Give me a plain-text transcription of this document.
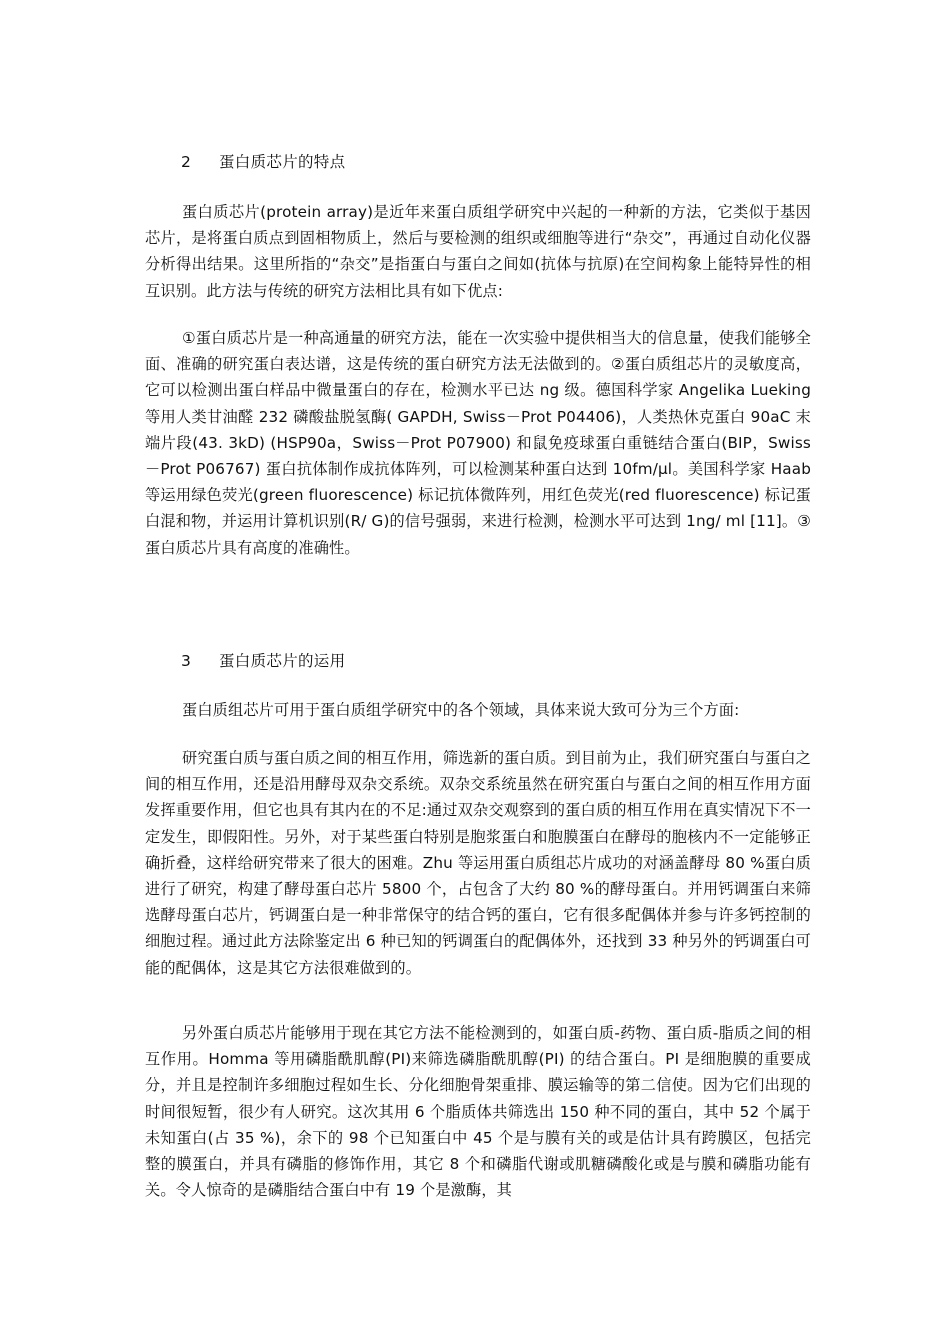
2 蛋白质芯片的特点

蛋白质芯片(protein array)是近年来蛋白质组学研究中兴起的一种新的方法，它类似于基因芯片，是将蛋白质点到固相物质上，然后与要检测的组织或细胞等进行“杂交”，再通过自动化仪器分析得出结果。这里所指的“杂交”是指蛋白与蛋白之间如(抗体与抗原)在空间构象上能特异性的相互识别。此方法与传统的研究方法相比具有如下优点:

①蛋白质芯片是一种高通量的研究方法，能在一次实验中提供相当大的信息量，使我们能够全面、准确的研究蛋白表达谱，这是传统的蛋白研究方法无法做到的。②蛋白质组芯片的灵敏度高，它可以检测出蛋白样品中微量蛋白的存在，检测水平已达 ng 级。德国科学家 Angelika Lueking 等用人类甘油醛 232 磷酸盐脱氢酶( GAPDH, Swiss－Prot P04406)，人类热休克蛋白 90aC 末端片段(43. 3kD) (HSP90a，Swiss－Prot P07900) 和鼠免疫球蛋白重链结合蛋白(BIP，Swiss－Prot P06767) 蛋白抗体制作成抗体阵列，可以检测某种蛋白达到 10fm/μl。美国科学家 Haab 等运用绿色荧光(green fluorescence) 标记抗体微阵列，用红色荧光(red fluorescence) 标记蛋白混和物，并运用计算机识别(R/ G)的信号强弱，来进行检测，检测水平可达到 1ng/ ml [11]。③蛋白质芯片具有高度的准确性。

3 蛋白质芯片的运用

蛋白质组芯片可用于蛋白质组学研究中的各个领域，具体来说大致可分为三个方面:

研究蛋白质与蛋白质之间的相互作用，筛选新的蛋白质。到目前为止，我们研究蛋白与蛋白之间的相互作用，还是沿用酵母双杂交系统。双杂交系统虽然在研究蛋白与蛋白之间的相互作用方面发挥重要作用，但它也具有其内在的不足:通过双杂交观察到的蛋白质的相互作用在真实情况下不一定发生，即假阳性。另外，对于某些蛋白特别是胞浆蛋白和胞膜蛋白在酵母的胞核内不一定能够正确折叠，这样给研究带来了很大的困难。Zhu 等运用蛋白质组芯片成功的对涵盖酵母 80 %蛋白质进行了研究，构建了酵母蛋白芯片 5800 个，占包含了大约 80 %的酵母蛋白。并用钙调蛋白来筛选酵母蛋白芯片，钙调蛋白是一种非常保守的结合钙的蛋白，它有很多配偶体并参与许多钙控制的细胞过程。通过此方法除鉴定出 6 种已知的钙调蛋白的配偶体外，还找到 33 种另外的钙调蛋白可能的配偶体，这是其它方法很难做到的。

另外蛋白质芯片能够用于现在其它方法不能检测到的，如蛋白质-药物、蛋白质-脂质之间的相互作用。Homma 等用磷脂酰肌醇(PI)来筛选磷脂酰肌醇(PI) 的结合蛋白。PI 是细胞膜的重要成分，并且是控制许多细胞过程如生长、分化细胞骨架重排、膜运输等的第二信使。因为它们出现的时间很短暂，很少有人研究。这次其用 6 个脂质体共筛选出 150 种不同的蛋白，其中 52 个属于未知蛋白(占 35 %)，余下的 98 个已知蛋白中 45 个是与膜有关的或是估计具有跨膜区，包括完整的膜蛋白，并具有磷脂的修饰作用，其它 8 个和磷脂代谢或肌糖磷酸化或是与膜和磷脂功能有关。令人惊奇的是磷脂结合蛋白中有 19 个是激酶，其
